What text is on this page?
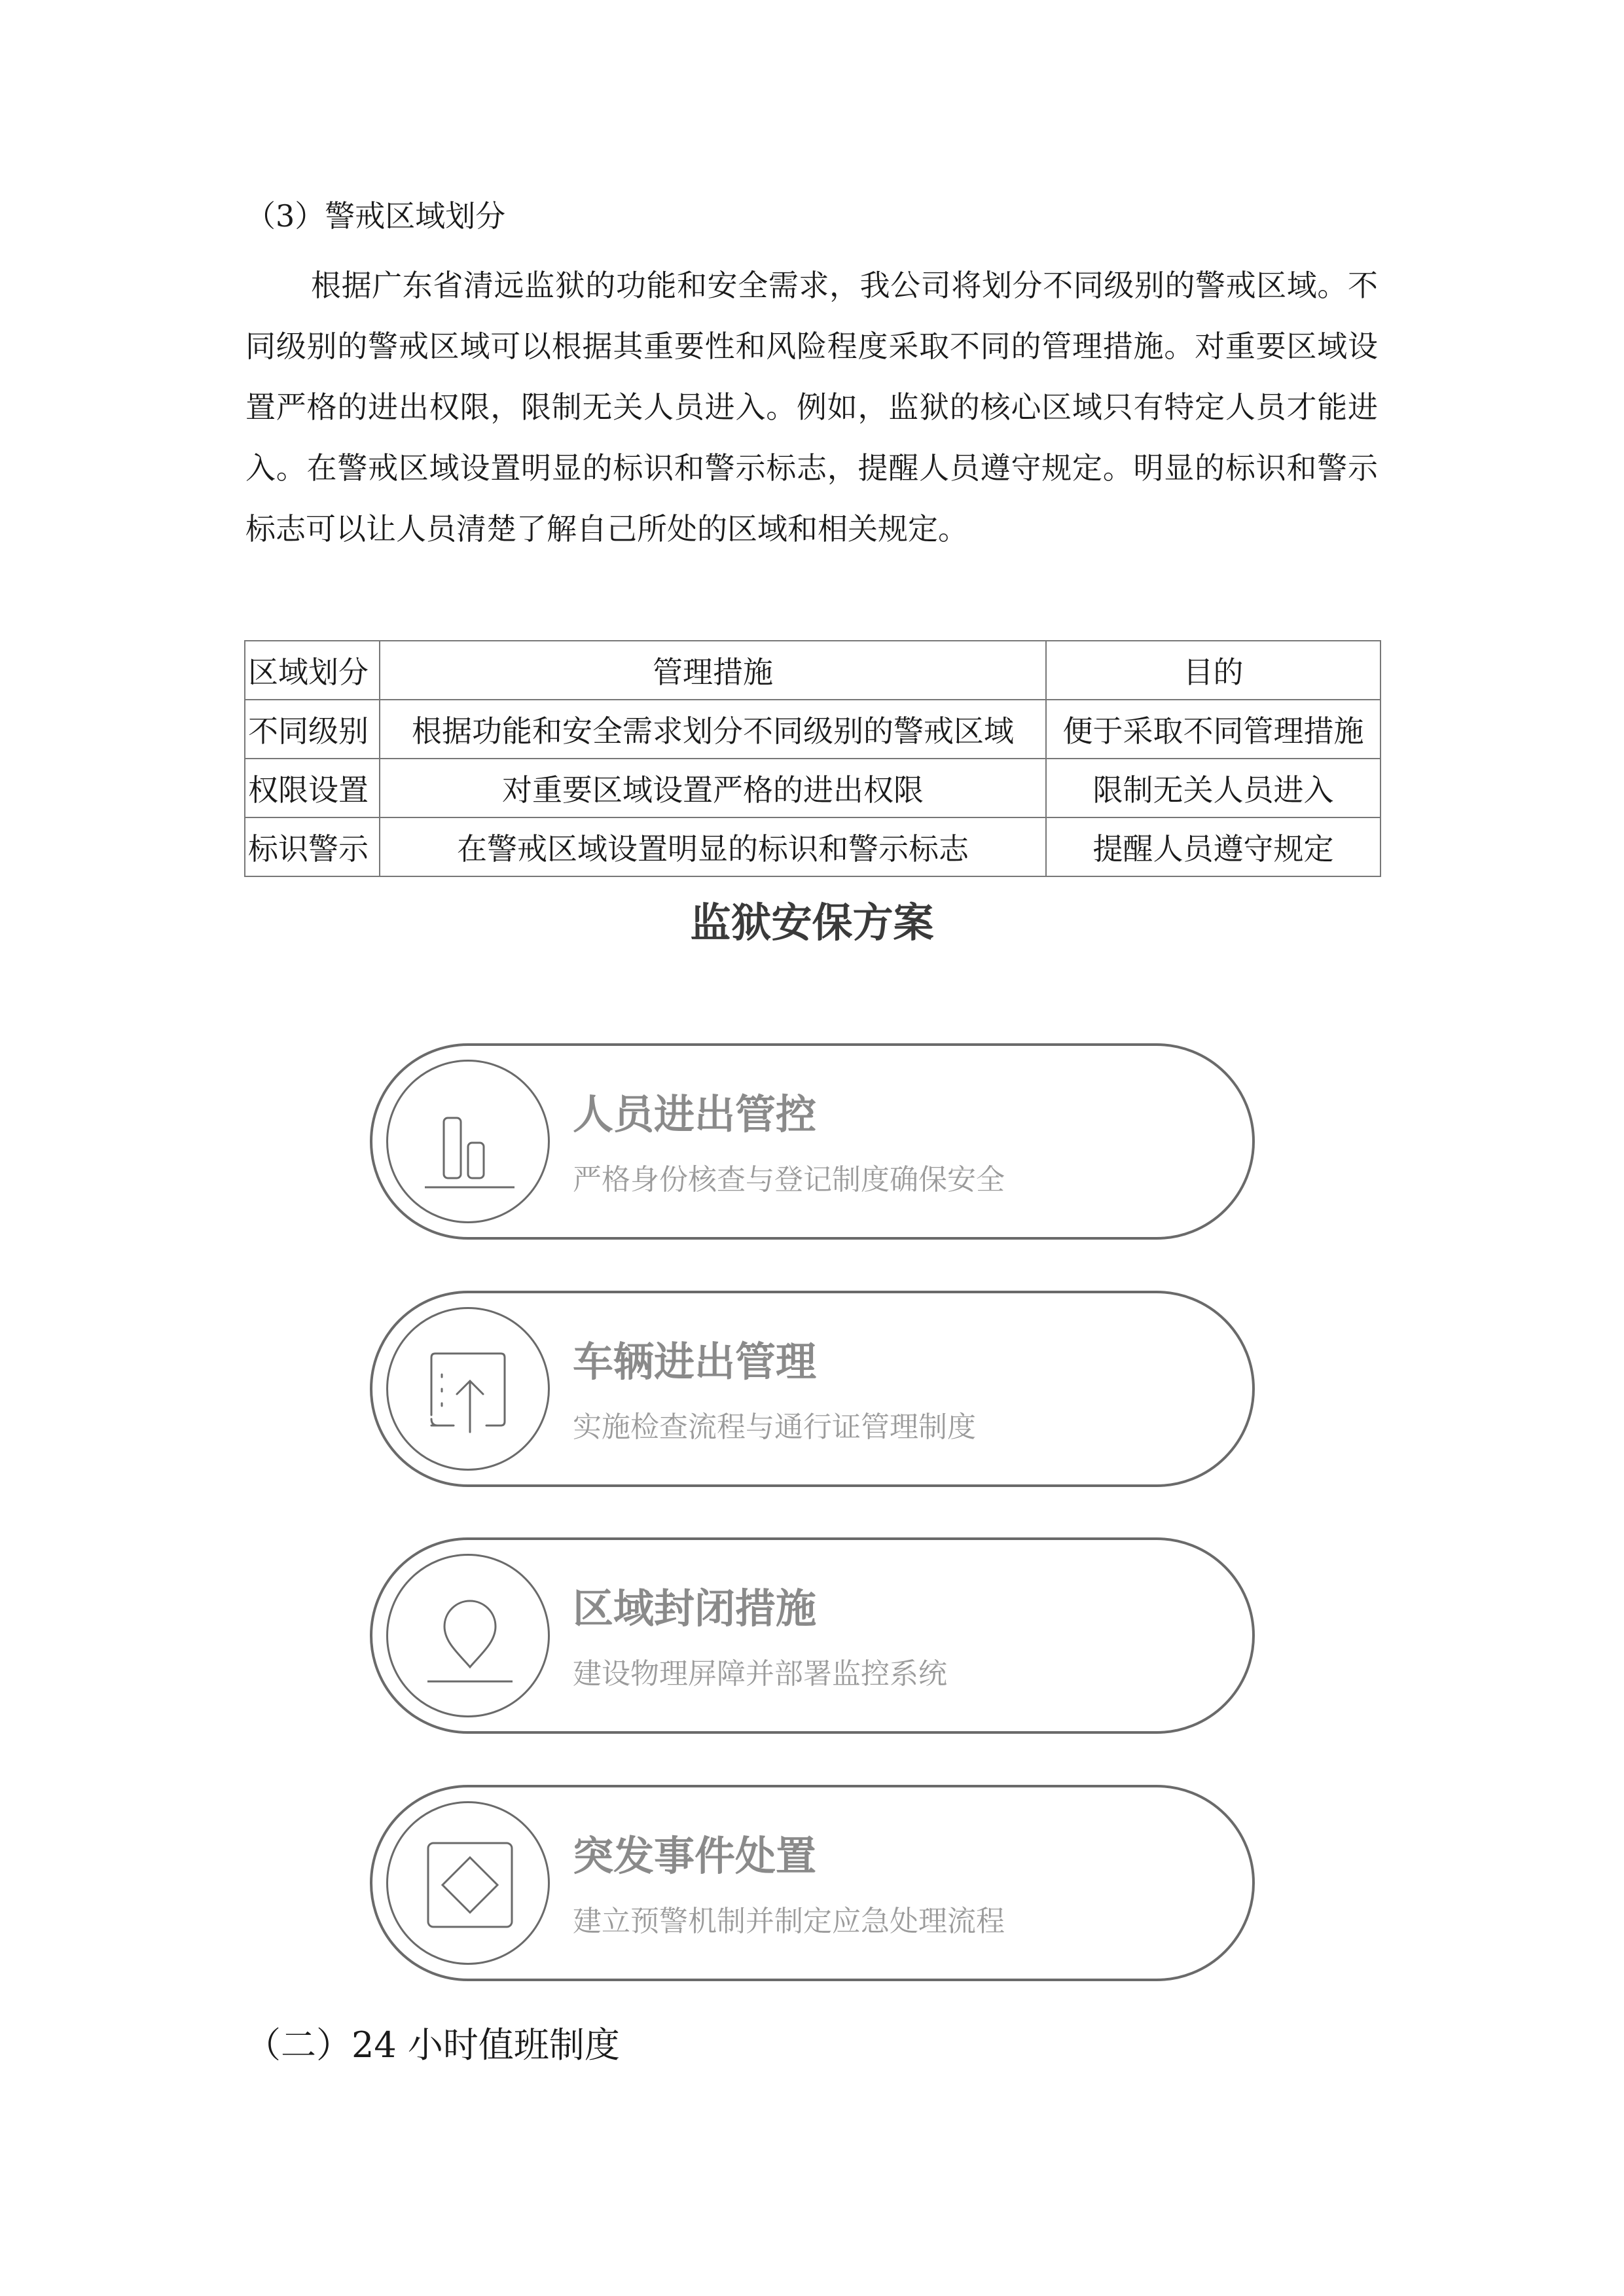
（3）警戒区域划分

根据广东省清远监狱的功能和安全需求，我公司将划分不同级别的警戒区域。不同级别的警戒区域可以根据其重要性和风险程度采取不同的管理措施。对重要区域设置严格的进出权限，限制无关人员进入。例如，监狱的核心区域只有特定人员才能进入。在警戒区域设置明显的标识和警示标志，提醒人员遵守规定。明显的标识和警示标志可以让人员清楚了解自己所处的区域和相关规定。

区域划分	管理措施	目的
不同级别	根据功能和安全需求划分不同级别的警戒区域	便于采取不同管理措施
权限设置	对重要区域设置严格的进出权限	限制无关人员进入
标识警示	在警戒区域设置明显的标识和警示标志	提醒人员遵守规定
监狱安保方案
人员进出管控
严格身份核查与登记制度确保安全
车辆进出管理
实施检查流程与通行证管理制度
区域封闭措施
建设物理屏障并部署监控系统
突发事件处置
建立预警机制并制定应急处理流程
（二）24 小时值班制度
